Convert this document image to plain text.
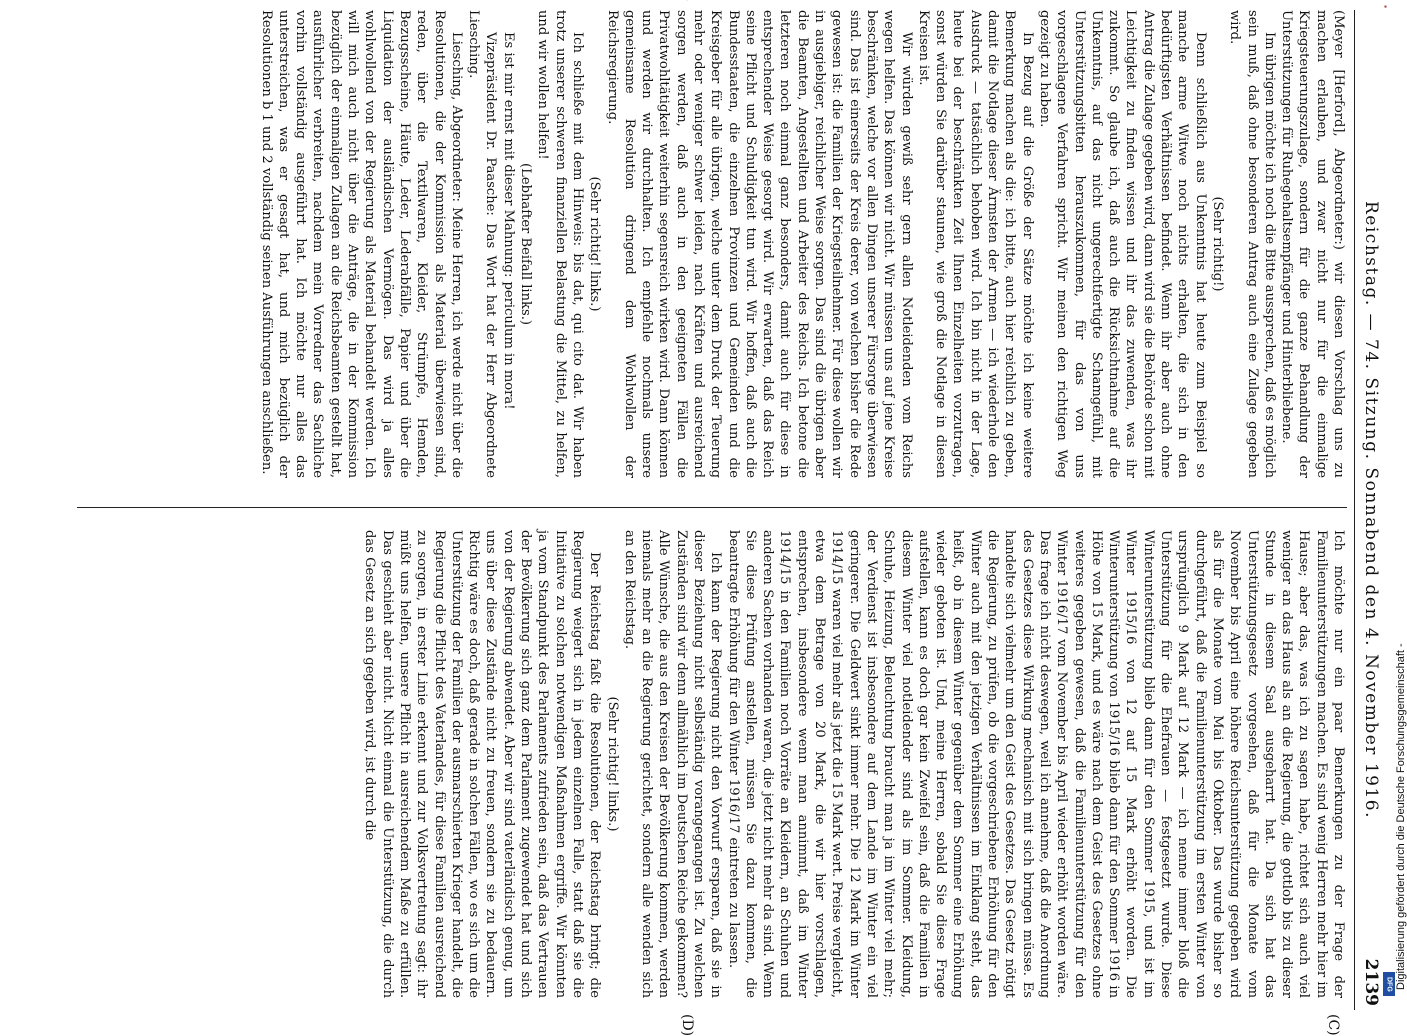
Reichstag. — 74. Sitzung. Sonnabend den 4. November 1916.
2139
(C)
(D)

(Meyer [Herford], Abgeordneter:) wir diesen Vorschlag uns zu machen erlauben, und zwar nicht nur für die einmalige Kriegsteuerungszulage, sondern für die ganze Behandlung der Unterstützungen für Ruhegehaltsempfänger und Hinterbliebene.

Im übrigen möchte ich noch die Bitte aussprechen, daß es möglich sein muß, daß ohne besonderen Antrag auch eine Zulage gegeben wird.

(Sehr richtig!)

Denn schließlich aus Unkenntnis hat heute zum Beispiel so manche arme Witwe noch nichts erhalten, die sich in den bedürftigsten Verhältnissen befindet. Wenn ihr aber auch ohne Antrag die Zulage gegeben wird, dann wird sie die Behörde schon mit Leichtigkeit zu finden wissen und ihr das zuwenden, was ihr zukommt. So glaube ich, daß auch die Rücksichtnahme auf die Unkenntnis, auf das nicht ungerechtfertigte Schamgefühl, mit Unterstützungsbitten herauszukommen, für das von uns vorgeschlagene Verfahren spricht. Wir meinen den richtigen Weg gezeigt zu haben.

In Bezug auf die Größe der Sätze möchte ich keine weitere Bemerkung machen als die: ich bitte, auch hier reichlich zu geben, damit die Notlage dieser Ärmsten der Armen — ich wiederhole den Ausdruck — tatsächlich behoben wird. Ich bin nicht in der Lage, heute bei der beschränkten Zeit Ihnen Einzelheiten vorzutragen, sonst würden Sie darüber staunen, wie groß die Notlage in diesen Kreisen ist.

Wir würden gewiß sehr gern allen Notleidenden vom Reichs wegen helfen. Das können wir nicht. Wir müssen uns auf jene Kreise beschränken, welche vor allen Dingen unserer Fürsorge überwiesen sind. Das ist einerseits der Kreis derer, von welchen bisher die Rede gewesen ist: die Familien der Kriegsteilnehmer. Für diese wollen wir in ausgiebiger, reichlicher Weise sorgen. Das sind die übrigen aber die Beamten, Angestellten und Arbeiter des Reichs. Ich betone die letzteren noch einmal ganz besonders, damit auch für diese in entsprechender Weise gesorgt wird. Wir erwarten, daß das Reich seine Pflicht und Schuldigkeit tun wird. Wir hoffen, daß auch die Bundesstaaten, die einzelnen Provinzen und Gemeinden und die Kreisgeber für alle übrigen, welche unter dem Druck der Teuerung mehr oder weniger schwer leiden, nach Kräften und ausreichend sorgen werden, daß auch in den geeigneten Fällen die Privatwohltätigkeit weiterhin segensreich wirken wird. Dann können und werden wir durchhalten. Ich empfehle nochmals unsere gemeinsame Resolution dringend dem Wohlwollen der Reichsregierung.

(Sehr richtig! links.)

Ich schließe mit dem Hinweis: bis dat, qui cito dat. Wir haben trotz unserer schweren finanziellen Belastung die Mittel, zu helfen, und wir wollen helfen!

(Lebhafter Beifall links.)

Es ist mir ernst mit dieser Mahnung: periculum in mora!

Vizepräsident Dr. Paasche: Das Wort hat der Herr Abgeordnete Liesching.

Liesching, Abgeordneter: Meine Herren, ich werde nicht über die Resolutionen, die der Kommission als Material überwiesen sind, reden, über die Textilwaren, Kleider, Strümpfe, Hemden, Bezugsscheine, Häute, Leder, Lederabfälle, Papier und über die Liquidation der ausländischen Vermögen. Das wird ja alles wohlwollend von der Regierung als Material behandelt werden. Ich will mich auch nicht über die Anträge, die in der Kommission bezüglich der einmaligen Zulagen an die Reichsbeamten gestellt hat, ausführlicher verbreiten, nachdem mein Vorredner das Sachliche vorhin vollständig ausgeführt hat. Ich möchte nur alles das unterstreichen, was er gesagt hat, und mich bezüglich der Resolutionen b 1 und 2 vollständig seinen Ausführungen anschließen.

Ich möchte nur ein paar Bemerkungen zu der Frage der Familienunterstützungen machen. Es sind wenig Herren mehr hier im Hause; aber das, was ich zu sagen habe, richtet sich auch viel weniger an das Haus als an die Regierung, die gottlob bis zu dieser Stunde in diesem Saal ausgeharrt hat. Da sich hat das Unterstützungsgesetz vorgesehen, daß für die Monate vom November bis April eine höhere Reichsunterstützung gegeben wird als für die Monate vom Mai bis Oktober. Das wurde bisher so durchgeführt, daß die Familienunterstützung im ersten Winter von ursprünglich 9 Mark auf 12 Mark — ich nenne immer bloß die Unterstützung für die Ehefrauen — festgesetzt wurde. Diese Winterunterstützung blieb dann für den Sommer 1915, und ist im Winter 1915/16 von 12 auf 15 Mark erhöht worden. Die Winterunterstützung von 1915/16 blieb dann für den Sommer 1916 in Höhe von 15 Mark, und es wäre nach dem Geist des Gesetzes ohne weiteres gegeben gewesen, daß die Familienunterstützung für den Winter 1916/17 vom November bis April wieder erhöht worden wäre. Das frage ich nicht deswegen, weil ich annehme, daß die Anordnung des Gesetzes diese Wirkung mechanisch mit sich bringen müsse. Es handelte sich vielmehr um den Geist des Gesetzes. Das Gesetz nötigt die Regierung, zu prüfen, ob die vorgeschriebene Erhöhung für den Winter auch mit den jetzigen Verhältnissen im Einklang steht, das heißt, ob in diesem Winter gegenüber dem Sommer eine Erhöhung wieder geboten ist. Und, meine Herren, sobald Sie diese Frage aufstellen, kann es doch gar kein Zweifel sein, daß die Familien in diesem Winter viel notleidender sind als im Sommer. Kleidung, Schuhe, Heizung, Beleuchtung braucht man ja im Winter viel mehr; der Verdienst ist insbesondere auf dem Lande im Winter ein viel geringerer. Die Geldwert sinkt immer mehr. Die 12 Mark im Winter 1914/15 waren viel mehr als jetzt die 15 Mark wert. Preise vergleicht, etwa dem Betrage von 20 Mark, die wir hier vorschlagen, entsprechen, insbesondere wenn man annimmt, daß im Winter 1914/15 in den Familien noch Vorräte an Kleidern, an Schuhen und anderen Sachen vorhanden waren, die jetzt nicht mehr da sind. Wenn Sie diese Prüfung anstellen, müssen Sie dazu kommen, die beantragte Erhöhung für den Winter 1916/17 eintreten zu lassen.

Ich kann der Regierung nicht den Vorwurf ersparen, daß sie in dieser Beziehung nicht selbständig vorangegangen ist. Zu welchen Zuständen sind wir denn allmählich im Deutschen Reiche gekommen? Alle Wünsche, die aus den Kreisen der Bevölkerung kommen, werden niemals mehr an die Regierung gerichtet, sondern alle wenden sich an den Reichstag.

(Sehr richtig! links.)

Der Reichstag faßt die Resolutionen, der Reichstag bringt; die Regierung weigert sich in jedem einzelnen Falle, statt daß sie die Initiative zu solchen notwendigen Maßnahmen ergriffe. Wir könnten ja vom Standpunkt des Parlaments zufrieden sein, daß das Vertrauen der Bevölkerung sich ganz dem Parlament zugewendet hat und sich von der Regierung abwendet. Aber wir sind vaterländisch genug, um uns über diese Zustände nicht zu freuen, sondern sie zu bedauern. Richtig wäre es doch, daß gerade in solchen Fällen, wo es sich um die Unterstützung der Familien der ausmarschierten Krieger handelt, die Regierung die Pflicht des Vaterlandes, für diese Familien ausreichend zu sorgen, in erster Linie erkennt und zur Volksvertretung sagt: ihr müßt uns helfen, unsere Pflicht in ausreichendem Maße zu erfüllen. Das geschieht aber nicht. Nicht einmal die Unterstützung, die durch das Gesetz an sich gegeben wird, ist durch die

▪
Digitalisierung gefördert durch die Deutsche Forschungsgemeinschaft -
DFG
